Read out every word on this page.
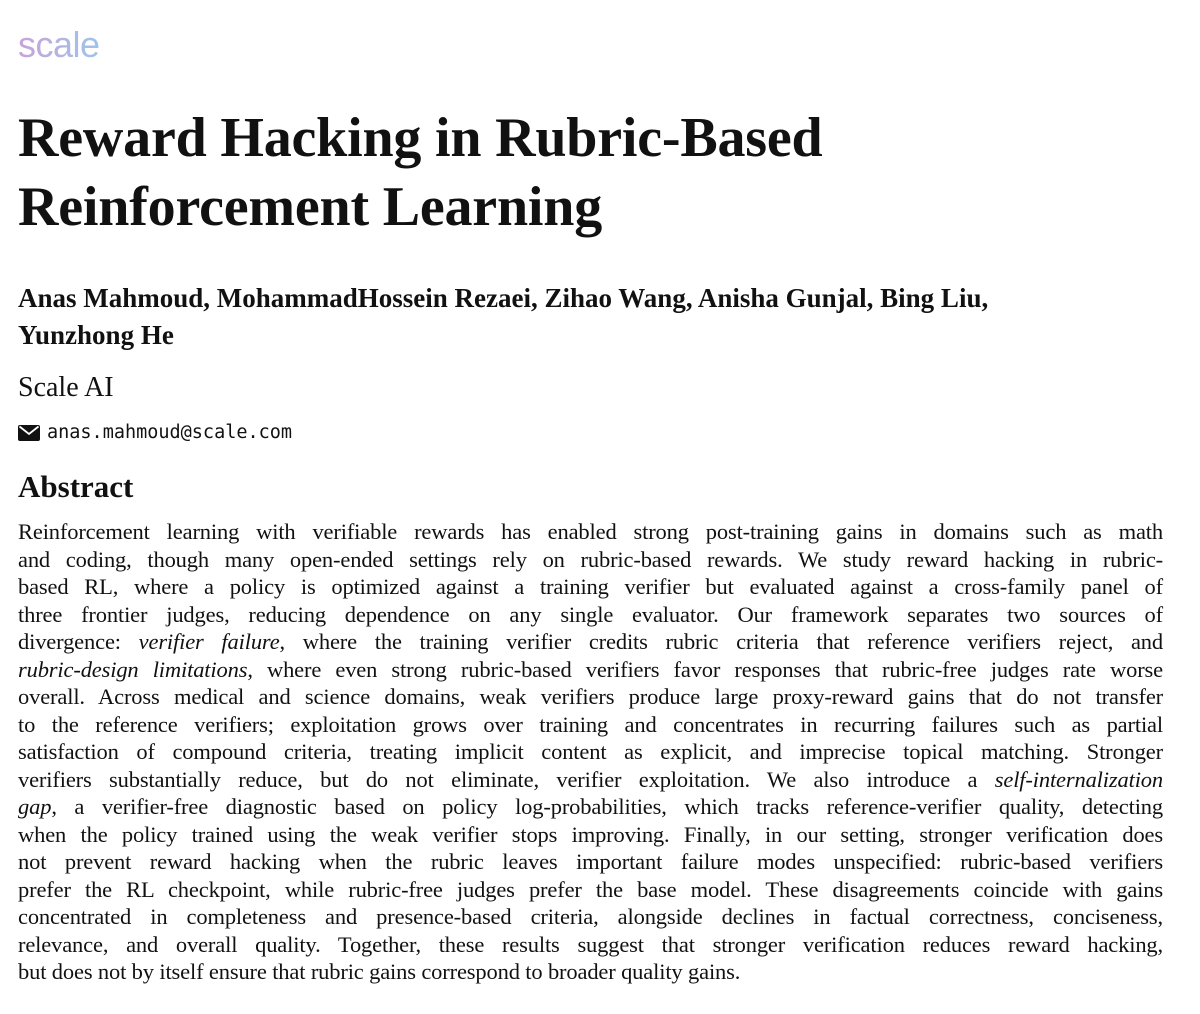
scale
Reward Hacking in Rubric-Based
Reinforcement Learning
Anas Mahmoud, MohammadHossein Rezaei, Zihao Wang, Anisha Gunjal, Bing Liu,
Yunzhong He
Scale AI
anas.mahmoud@scale.com
Abstract
Reinforcement learning with verifiable rewards has enabled strong post-training gains in domains such as math
and coding, though many open-ended settings rely on rubric-based rewards. We study reward hacking in rubric-
based RL, where a policy is optimized against a training verifier but evaluated against a cross-family panel of
three frontier judges, reducing dependence on any single evaluator. Our framework separates two sources of
divergence: verifier failure, where the training verifier credits rubric criteria that reference verifiers reject, and
rubric-design limitations, where even strong rubric-based verifiers favor responses that rubric-free judges rate worse
overall. Across medical and science domains, weak verifiers produce large proxy-reward gains that do not transfer
to the reference verifiers; exploitation grows over training and concentrates in recurring failures such as partial
satisfaction of compound criteria, treating implicit content as explicit, and imprecise topical matching. Stronger
verifiers substantially reduce, but do not eliminate, verifier exploitation. We also introduce a self-internalization
gap, a verifier-free diagnostic based on policy log-probabilities, which tracks reference-verifier quality, detecting
when the policy trained using the weak verifier stops improving. Finally, in our setting, stronger verification does
not prevent reward hacking when the rubric leaves important failure modes unspecified: rubric-based verifiers
prefer the RL checkpoint, while rubric-free judges prefer the base model. These disagreements coincide with gains
concentrated in completeness and presence-based criteria, alongside declines in factual correctness, conciseness,
relevance, and overall quality. Together, these results suggest that stronger verification reduces reward hacking,
but does not by itself ensure that rubric gains correspond to broader quality gains.
